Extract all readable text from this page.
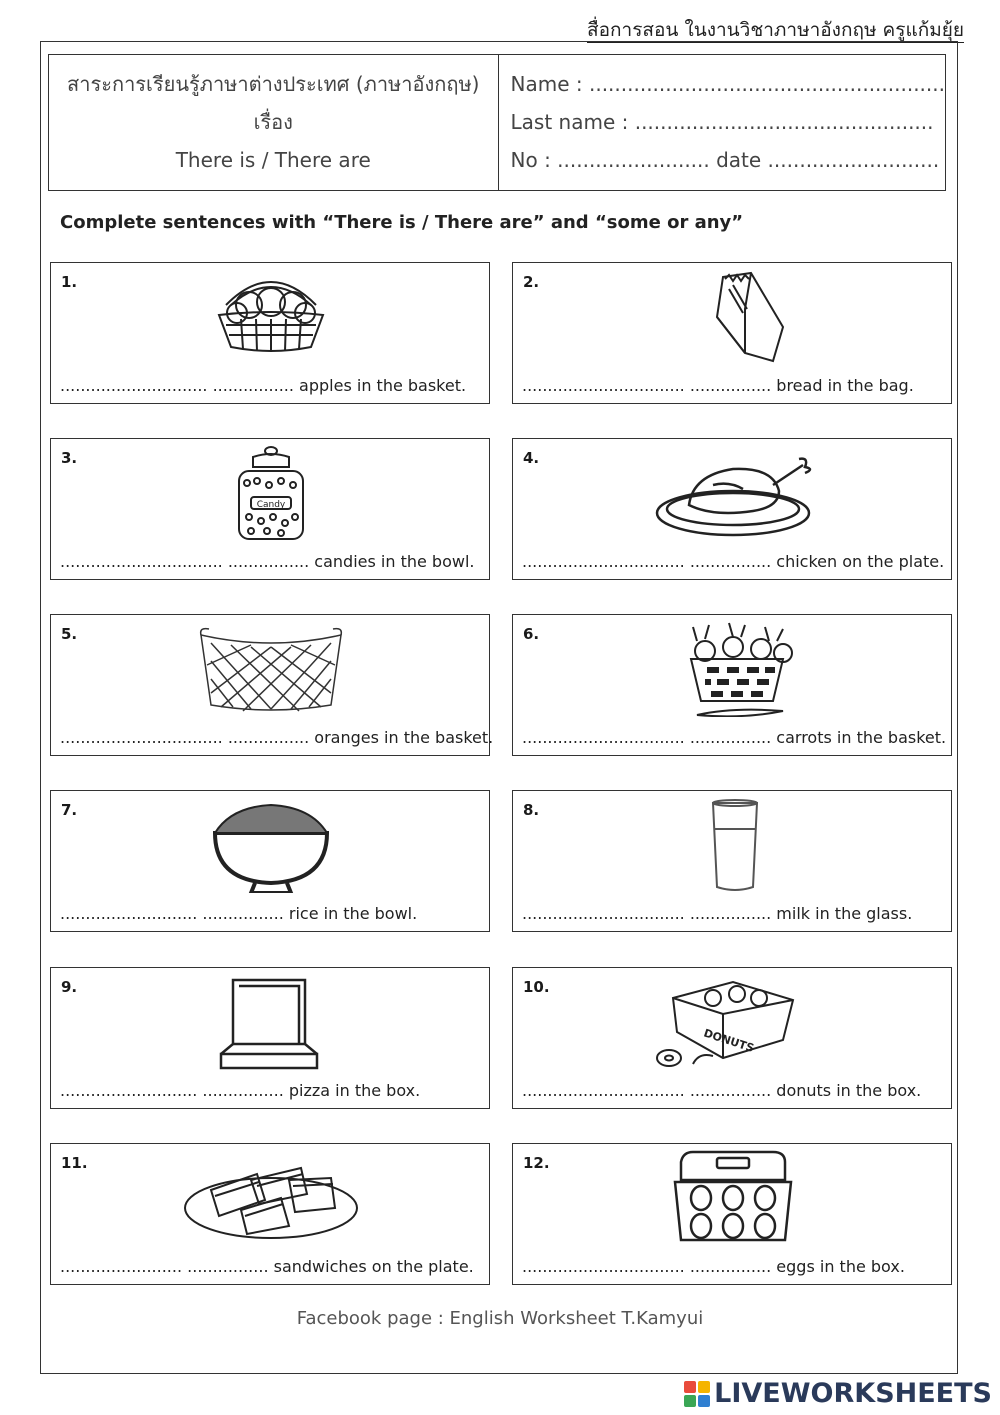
สื่อการสอน ในงานวิชาภาษาอังกฤษ ครูแก้มยุ้ย
สาระการเรียนรู้ภาษาต่างประเทศ (ภาษาอังกฤษ)
เรื่อง
There is / There are
Name : ........................................................
Last name : ...............................................
No : ........................ date ...........................
Complete sentences with “There is / There are” and “some or any”
1.
............................. ................ apples in the basket.
2.
................................ ................ bread in the bag.
3.
Candy
................................ ................ candies in the bowl.
4.
................................ ................ chicken on the plate.
5.
................................ ................ oranges in the basket.
6.
................................ ................ carrots in the basket.
7.
........................... ................ rice in the bowl.
8.
................................ ................ milk in the glass.
9.
........................... ................ pizza in the box.
10.
DONUTS
................................ ................ donuts in the box.
11.
........................ ................ sandwiches on the plate.
12.
................................ ................ eggs in the box.
Facebook page : English Worksheet T.Kamyui
LIVEWORKSHEETS
